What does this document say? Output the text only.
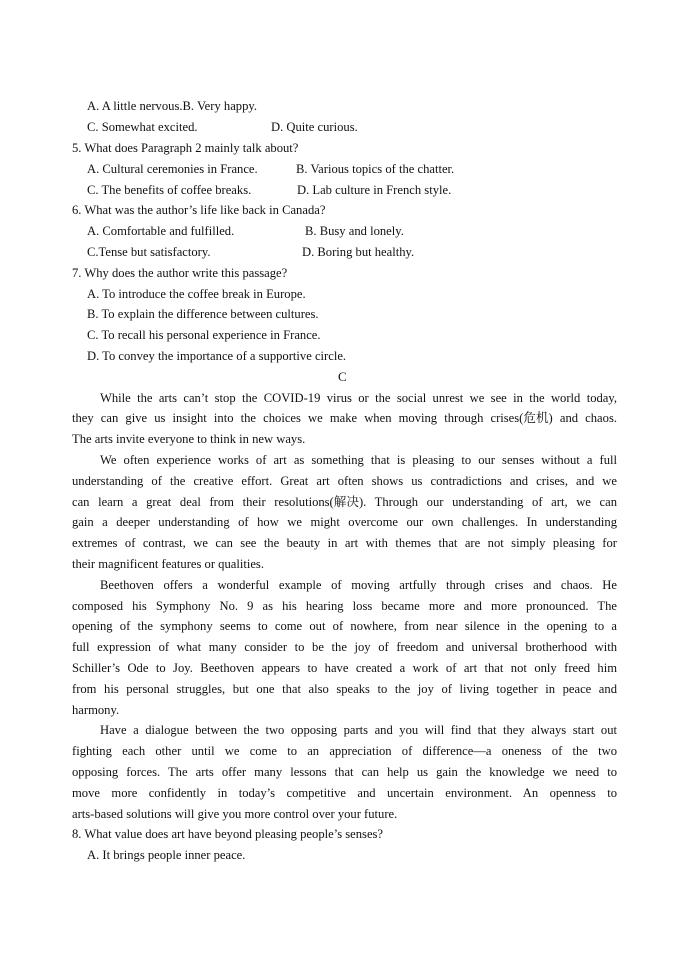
A. A little nervous.B. Very happy.
C. Somewhat excited.	D. Quite curious.
5. What does Paragraph 2 mainly talk about?
A. Cultural ceremonies in France.	B. Various topics of the chatter.
C. The benefits of coffee breaks.	D. Lab culture in French style.
6. What was the author’s life like back in Canada?
A. Comfortable and fulfilled.	B. Busy and lonely.
C.Tense but satisfactory.	D. Boring but healthy.
7. Why does the author write this passage?
A. To introduce the coffee break in Europe.
B. To explain the difference between cultures.
C. To recall his personal experience in France.
D. To convey the importance of a supportive circle.
C
While the arts can’t stop the COVID-19 virus or the social unrest we see in the world today,
they can give us insight into the choices we make when moving through crises(危机) and chaos.
The arts invite everyone to think in new ways.
We often experience works of art as something that is pleasing to our senses without a full
understanding of the creative effort. Great art often shows us contradictions and crises, and we
can learn a great deal from their resolutions(解决). Through our understanding of art, we can
gain a deeper understanding of how we might overcome our own challenges. In understanding
extremes of contrast, we can see the beauty in art with themes that are not simply pleasing for
their magnificent features or qualities.
Beethoven offers a wonderful example of moving artfully through crises and chaos. He
composed his Symphony No. 9 as his hearing loss became more and more pronounced. The
opening of the symphony seems to come out of nowhere, from near silence in the opening to a
full expression of what many consider to be the joy of freedom and universal brotherhood with
Schiller’s Ode to Joy. Beethoven appears to have created a work of art that not only freed him
from his personal struggles, but one that also speaks to the joy of living together in peace and
harmony.
Have a dialogue between the two opposing parts and you will find that they always start out
fighting each other until we come to an appreciation of difference—a oneness of the two
opposing forces. The arts offer many lessons that can help us gain the knowledge we need to
move more confidently in today’s competitive and uncertain environment. An openness to
arts-based solutions will give you more control over your future.
8. What value does art have beyond pleasing people’s senses?
A. It brings people inner peace.
